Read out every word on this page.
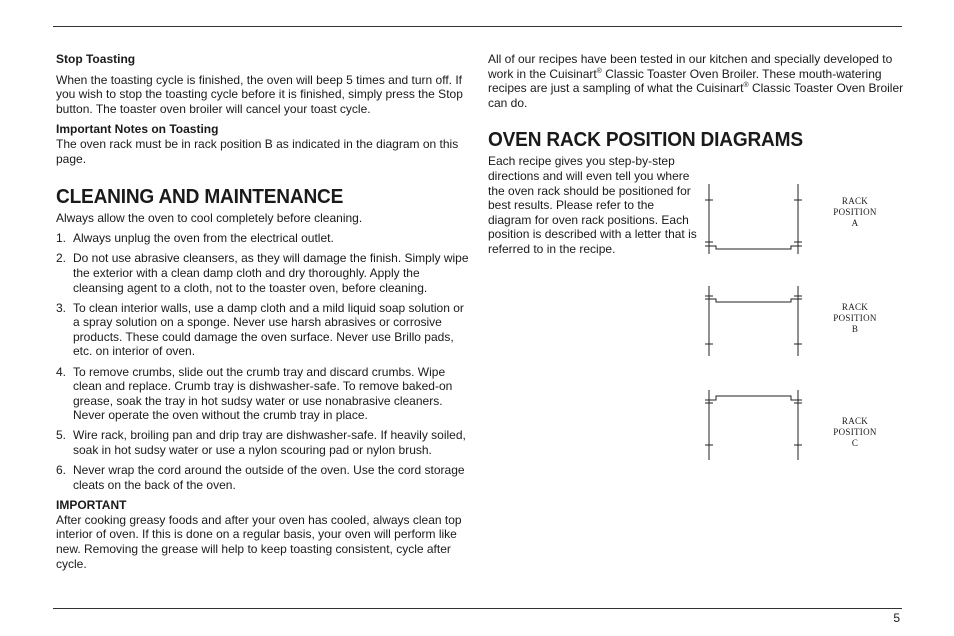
Stop Toasting

When the toasting cycle is finished, the oven will beep 5 times and turn off. If you wish to stop the toasting cycle before it is finished, simply press the Stop button. The toaster oven broiler will cancel your toast cycle.

Important Notes on Toasting

The oven rack must be in rack position B as indicated in the diagram on this page.

CLEANING AND MAINTENANCE

Always allow the oven to cool completely before cleaning.

1. Always unplug the oven from the electrical outlet.
2. Do not use abrasive cleansers, as they will damage the finish. Simply wipe the exterior with a clean damp cloth and dry thoroughly. Apply the cleansing agent to a cloth, not to the toaster oven, before cleaning.
3. To clean interior walls, use a damp cloth and a mild liquid soap solution or a spray solution on a sponge. Never use harsh abrasives or corrosive products. These could damage the oven surface. Never use Brillo pads, etc. on interior of oven.
4. To remove crumbs, slide out the crumb tray and discard crumbs. Wipe clean and replace. Crumb tray is dishwasher-safe. To remove baked-on grease, soak the tray in hot sudsy water or use nonabrasive cleaners. Never operate the oven without the crumb tray in place.
5. Wire rack, broiling pan and drip tray are dishwasher-safe. If heavily soiled, soak in hot sudsy water or use a nylon scouring pad or nylon brush.
6. Never wrap the cord around the outside of the oven. Use the cord storage cleats on the back of the oven.

IMPORTANT

After cooking greasy foods and after your oven has cooled, always clean top interior of oven. If this is done on a regular basis, your oven will perform like new. Removing the grease will help to keep toasting consistent, cycle after cycle.

All of our recipes have been tested in our kitchen and specially developed to work in the Cuisinart® Classic Toaster Oven Broiler. These mouth-watering recipes are just a sampling of what the Cuisinart® Classic Toaster Oven Broiler can do.

OVEN RACK POSITION DIAGRAMS

Each recipe gives you step-by-step directions and will even tell you where the oven rack should be positioned for best results. Please refer to the diagram for oven rack positions. Each position is described with a letter that is referred to in the recipe.

RACK
POSITION
A
RACK
POSITION
B
RACK
POSITION
C
5
